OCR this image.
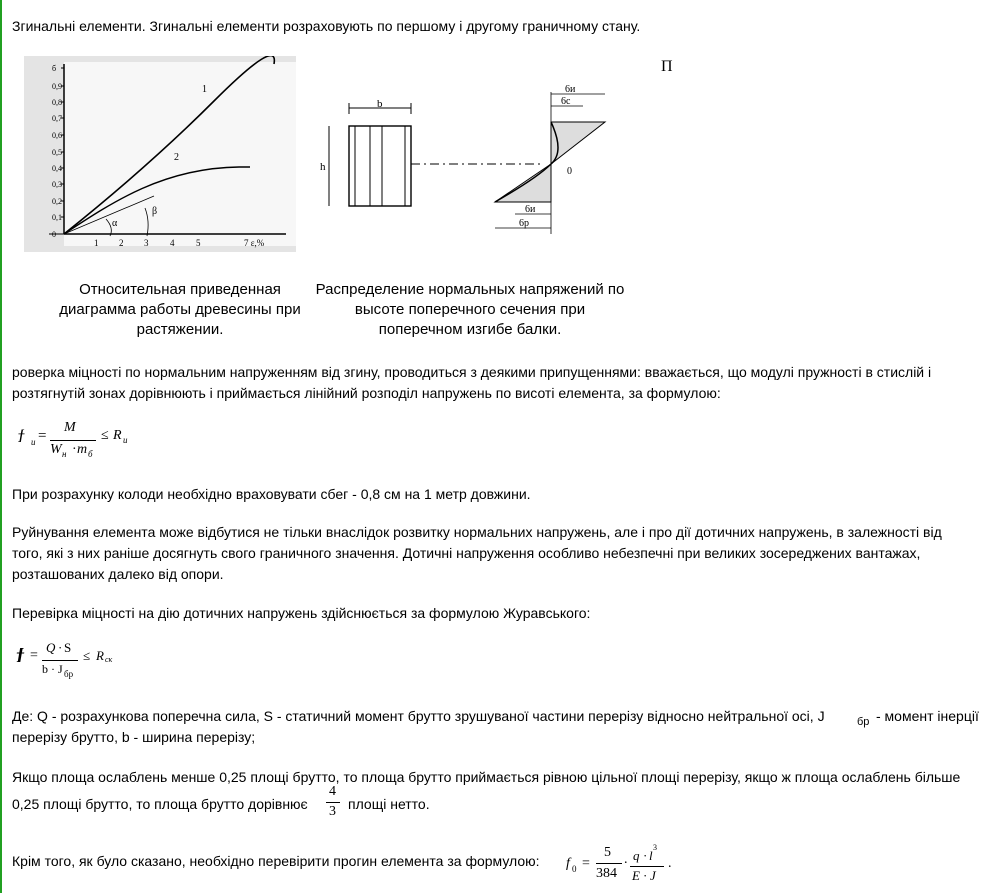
Згинальні елементи. Згинальні елементи розраховують по першому і другому граничному стану.
П
б
0,9
0,8
0,7
0,6
0,5
0,4
0,3
0,2
0,1
0
1 2 3 4 5	7 ε,%
1
2
α
β
Относительная приведенная
диаграмма работы древесины при
растяжении.
b
h
6и
6с
0
6и
6р
Распределение нормальных напряжений по
высоте поперечного сечения при
поперечном изгибе балки.
роверка міцності по нормальним напруженням від згину, проводиться з деякими припущеннями: вважається, що модулі пружності в стислій і
розтягнутій зонах дорівнюють і приймається лінійний розподіл напружень по висоті елемента, за формулою:
ϯ и =
M
W н · m б
≤ R и
При розрахунку колоди необхідно враховувати сбег - 0,8 см на 1 метр довжини.
Руйнування елемента може відбутися не тільки внаслідок розвитку нормальних напружень, але і про дії дотичних напружень, в залежності від
того, які з них раніше досягнуть свого граничного значення. Дотичні напруження особливо небезпечні при великих зосереджених вантажах,
розташованих далеко від опори.
Перевірка міцності на дію дотичних напружень здійснюється за формулою Журавського:
ϯ =
Q · S
b · J бр
≤ R ск
Де: Q - розрахункова поперечна сила, S - статичний момент брутто зрушуваної частини перерізу відносно нейтральної осі, J	бр - момент інерції
перерізу брутто, b - ширина перерізу;
Якщо площа ослаблень менше 0,25 площі брутто, то площа брутто приймається рівною цільної площі перерізу, якщо ж площа ослаблень більше
0,25 площі брутто, то площа брутто дорівнює
4
3 площі нетто.
Крім того, як було сказано, необхідно перевірити прогин елемента за формулою: f 0 =
5
384
. q · l
3
E · J
.
